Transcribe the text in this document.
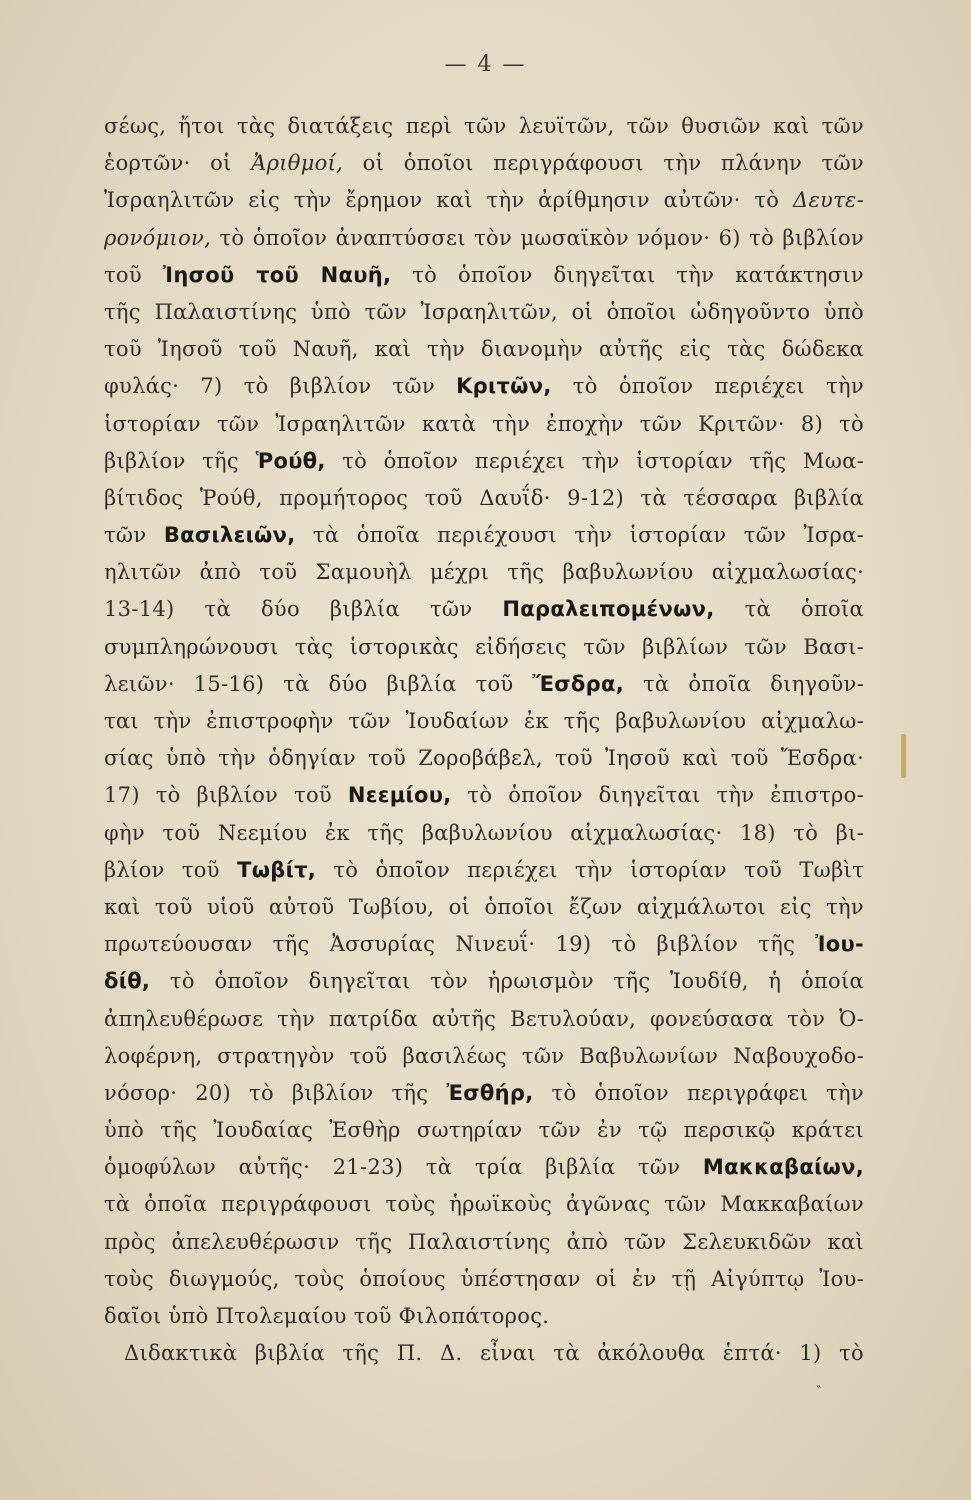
— 4 —
σέως, ἤτοι τὰς διατάξεις περὶ τῶν λευϊτῶν, τῶν θυσιῶν καὶ τῶν
ἑορτῶν· οἱ Ἀριθμοί, οἱ ὁποῖοι περιγράφουσι τὴν πλάνην τῶν
Ἰσραηλιτῶν εἰς τὴν ἔρημον καὶ τὴν ἀρίθμησιν αὐτῶν· τὸ Δευτε-
ρονόμιον, τὸ ὁποῖον ἀναπτύσσει τὸν μωσαϊκὸν νόμον· 6) τὸ βιβλίον
τοῦ Ἰησοῦ τοῦ Ναυῆ, τὸ ὁποῖον διηγεῖται τὴν κατάκτησιν
τῆς Παλαιστίνης ὑπὸ τῶν Ἰσραηλιτῶν, οἱ ὁποῖοι ὡδηγοῦντο ὑπὸ
τοῦ Ἰησοῦ τοῦ Ναυῆ, καὶ τὴν διανομὴν αὐτῆς εἰς τὰς δώδεκα
φυλάς· 7) τὸ βιβλίον τῶν Κριτῶν, τὸ ὁποῖον περιέχει τὴν
ἱστορίαν τῶν Ἰσραηλιτῶν κατὰ τὴν ἐποχὴν τῶν Κριτῶν· 8) τὸ
βιβλίον τῆς Ῥούθ, τὸ ὁποῖον περιέχει τὴν ἱστορίαν τῆς Μωα-
βίτιδος Ῥούθ, προμήτορος τοῦ Δαυΐδ· 9-12) τὰ τέσσαρα βιβλία
τῶν Βασιλειῶν, τὰ ὁποῖα περιέχουσι τὴν ἱστορίαν τῶν Ἰσρα-
ηλιτῶν ἀπὸ τοῦ Σαμουὴλ μέχρι τῆς βαβυλωνίου αἰχμαλωσίας·
13-14) τὰ δύο βιβλία τῶν Παραλειπομένων, τὰ ὁποῖα
συμπληρώνουσι τὰς ἱστορικὰς εἰδήσεις τῶν βιβλίων τῶν Βασι-
λειῶν· 15-16) τὰ δύο βιβλία τοῦ Ἔσδρα, τὰ ὁποῖα διηγοῦν-
ται τὴν ἐπιστροφὴν τῶν Ἰουδαίων ἐκ τῆς βαβυλωνίου αἰχμαλω-
σίας ὑπὸ τὴν ὁδηγίαν τοῦ Ζοροβάβελ, τοῦ Ἰησοῦ καὶ τοῦ Ἔσδρα·
17) τὸ βιβλίον τοῦ Νεεμίου, τὸ ὁποῖον διηγεῖται τὴν ἐπιστρο-
φὴν τοῦ Νεεμίου ἐκ τῆς βαβυλωνίου αἰχμαλωσίας· 18) τὸ βι-
βλίον τοῦ Τωβίτ, τὸ ὁποῖον περιέχει τὴν ἱστορίαν τοῦ Τωβὶτ
καὶ τοῦ υἱοῦ αὐτοῦ Τωβίου, οἱ ὁποῖοι ἔζων αἰχμάλωτοι εἰς τὴν
πρωτεύουσαν τῆς Ἀσσυρίας Νινευΐ· 19) τὸ βιβλίον τῆς Ἰου-
δίθ, τὸ ὁποῖον διηγεῖται τὸν ἡρωισμὸν τῆς Ἰουδίθ, ἡ ὁποία
ἀπηλευθέρωσε τὴν πατρίδα αὐτῆς Βετυλούαν, φονεύσασα τὸν Ὀ-
λοφέρνη, στρατηγὸν τοῦ βασιλέως τῶν Βαβυλωνίων Ναβουχοδο-
νόσορ· 20) τὸ βιβλίον τῆς Ἐσθήρ, τὸ ὁποῖον περιγράφει τὴν
ὑπὸ τῆς Ἰουδαίας Ἐσθὴρ σωτηρίαν τῶν ἐν τῷ περσικῷ κράτει
ὁμοφύλων αὐτῆς· 21-23) τὰ τρία βιβλία τῶν Μακκαβαίων,
τὰ ὁποῖα περιγράφουσι τοὺς ἡρωϊκοὺς ἀγῶνας τῶν Μακκαβαίων
πρὸς ἀπελευθέρωσιν τῆς Παλαιστίνης ἀπὸ τῶν Σελευκιδῶν καὶ
τοὺς διωγμούς, τοὺς ὁποίους ὑπέστησαν οἱ ἐν τῇ Αἰγύπτῳ Ἰου-
δαῖοι ὑπὸ Πτολεμαίου τοῦ Φιλοπάτορος.
Διδακτικὰ βιβλία τῆς Π. Δ. εἶναι τὰ ἀκόλουθα ἑπτά· 1) τὸ
‶
